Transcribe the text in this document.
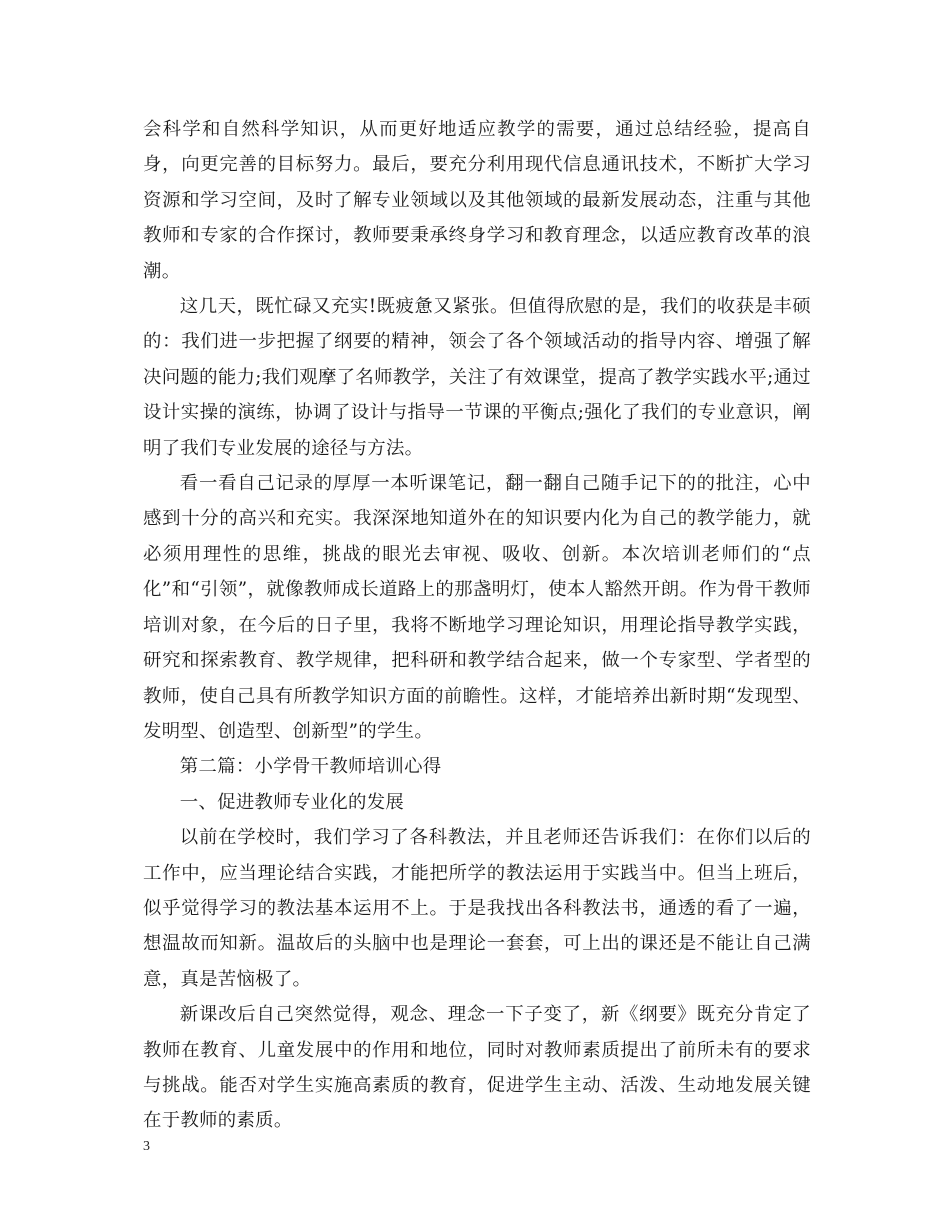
会科学和自然科学知识，从而更好地适应教学的需要，通过总结经验，提高自身，向更完善的目标努力。最后，要充分利用现代信息通讯技术，不断扩大学习资源和学习空间，及时了解专业领域以及其他领域的最新发展动态，注重与其他教师和专家的合作探讨，教师要秉承终身学习和教育理念，以适应教育改革的浪潮。

这几天，既忙碌又充实!既疲惫又紧张。但值得欣慰的是，我们的收获是丰硕的：我们进一步把握了纲要的精神，领会了各个领域活动的指导内容、增强了解决问题的能力;我们观摩了名师教学，关注了有效课堂，提高了教学实践水平;通过设计实操的演练，协调了设计与指导一节课的平衡点;强化了我们的专业意识，阐明了我们专业发展的途径与方法。

看一看自己记录的厚厚一本听课笔记，翻一翻自己随手记下的的批注，心中感到十分的高兴和充实。我深深地知道外在的知识要内化为自己的教学能力，就必须用理性的思维，挑战的眼光去审视、吸收、创新。本次培训老师们的“点化”和“引领”，就像教师成长道路上的那盏明灯，使本人豁然开朗。作为骨干教师培训对象，在今后的日子里，我将不断地学习理论知识，用理论指导教学实践，研究和探索教育、教学规律，把科研和教学结合起来，做一个专家型、学者型的教师，使自己具有所教学知识方面的前瞻性。这样，才能培养出新时期“发现型、发明型、创造型、创新型”的学生。

第二篇：小学骨干教师培训心得

一、促进教师专业化的发展

以前在学校时，我们学习了各科教法，并且老师还告诉我们：在你们以后的工作中，应当理论结合实践，才能把所学的教法运用于实践当中。但当上班后，似乎觉得学习的教法基本运用不上。于是我找出各科教法书，通透的看了一遍，想温故而知新。温故后的头脑中也是理论一套套，可上出的课还是不能让自己满意，真是苦恼极了。

新课改后自己突然觉得，观念、理念一下子变了，新《纲要》既充分肯定了教师在教育、儿童发展中的作用和地位，同时对教师素质提出了前所未有的要求与挑战。能否对学生实施高素质的教育，促进学生主动、活泼、生动地发展关键在于教师的素质。

3
